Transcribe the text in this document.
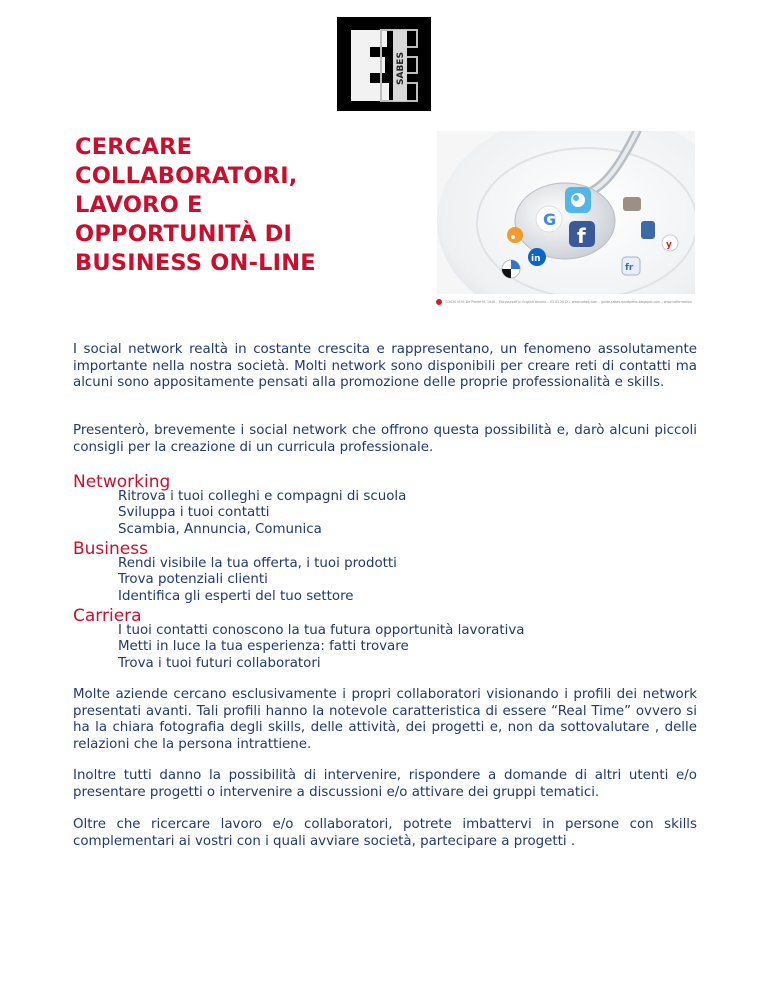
SABES
CERCARE
COLLABORATORI,
LAVORO E
OPPORTUNITÀ DI
BUSINESS ON-LINE
G
f
in
y
fr
©2020 M.M. De Piante M. 1948 – Eticyourself in English Amoria – 03.05.2012 – www.sabes.com – guide.sabes.wordpress.blogspot.com – www.uxformation

I social network realtà in costante crescita e rappresentano, un fenomeno assolutamente importante nella nostra società. Molti network sono disponibili per creare reti di contatti ma alcuni sono appositamente pensati alla promozione delle proprie professionalità e skills.

Presenterò, brevemente i social network che offrono questa possibilità e, darò alcuni piccoli consigli per la creazione di un curricula professionale.

Networking
Ritrova i tuoi colleghi e compagni di scuola
Sviluppa i tuoi contatti
Scambia, Annuncia, Comunica
Business
Rendi visibile la tua offerta, i tuoi prodotti
Trova potenziali clienti
Identifica gli esperti del tuo settore
Carriera
I tuoi contatti conoscono la tua futura opportunità lavorativa
Metti in luce la tua esperienza: fatti trovare
Trova i tuoi futuri collaboratori

Molte aziende cercano esclusivamente i propri collaboratori visionando i profili dei network presentati avanti. Tali profili hanno la notevole caratteristica di essere “Real Time” ovvero si ha la chiara fotografia degli skills, delle attività, dei progetti e, non da sottovalutare , delle relazioni che la persona intrattiene.

Inoltre tutti danno la possibilità di intervenire, rispondere a domande di altri utenti e/o presentare progetti o intervenire a discussioni e/o attivare dei gruppi tematici.

Oltre che ricercare lavoro e/o collaboratori, potrete imbattervi in persone con skills complementari ai vostri con i quali avviare società, partecipare a progetti .
